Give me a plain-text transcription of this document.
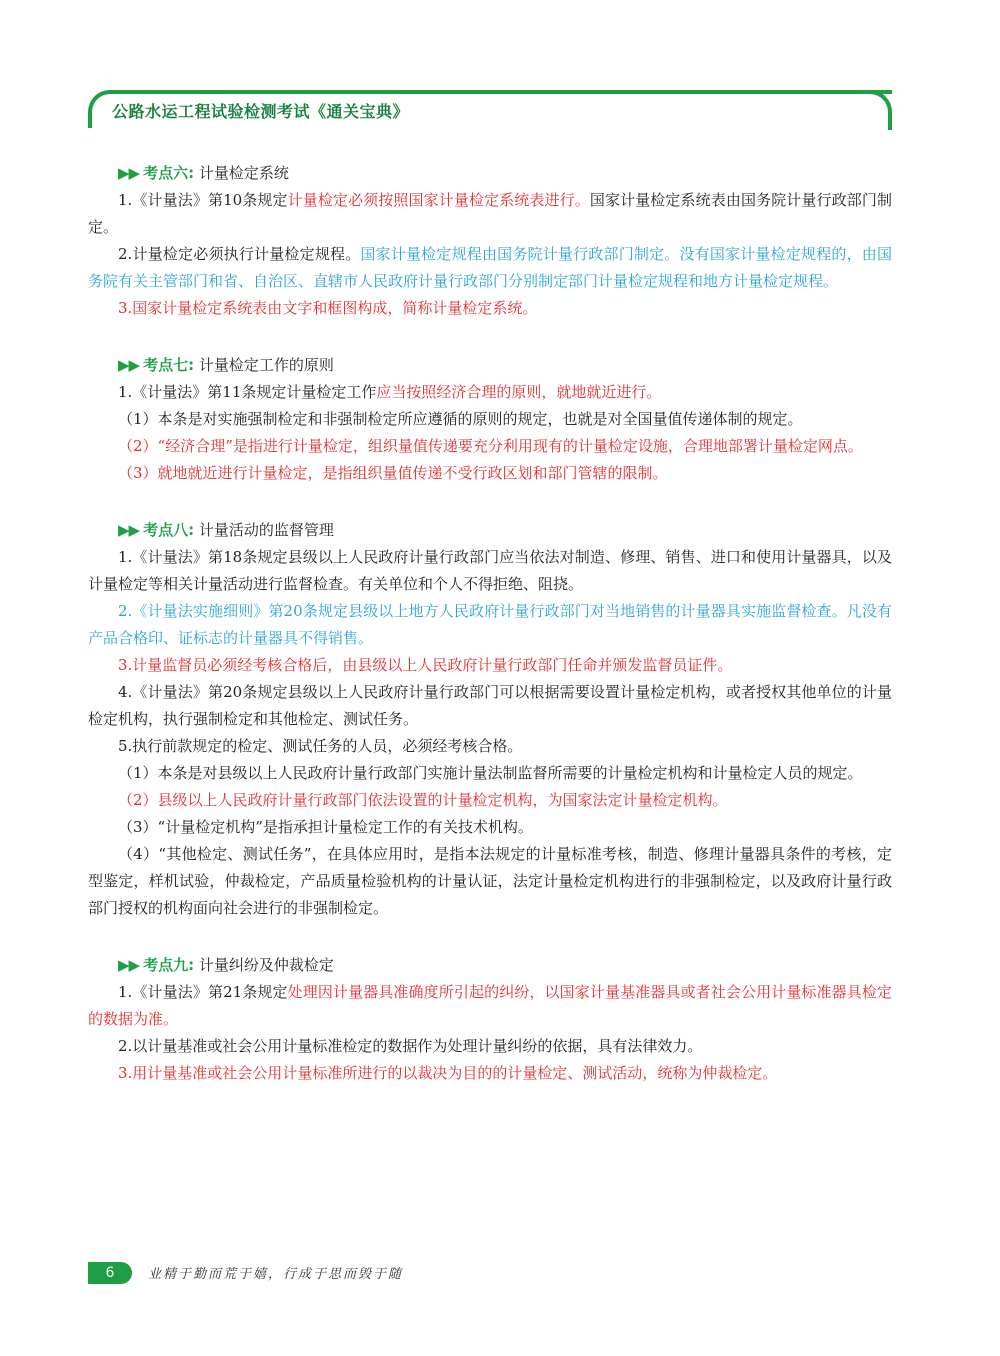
公路水运工程试验检测考试《通关宝典》
▶▶ 考点六: 计量检定系统

1.《计量法》第10条规定计量检定必须按照国家计量检定系统表进行。国家计量检定系统表由国务院计量行政部门制定。

2.计量检定必须执行计量检定规程。国家计量检定规程由国务院计量行政部门制定。没有国家计量检定规程的，由国务院有关主管部门和省、自治区、直辖市人民政府计量行政部门分别制定部门计量检定规程和地方计量检定规程。

3.国家计量检定系统表由文字和框图构成，简称计量检定系统。

▶▶ 考点七: 计量检定工作的原则

1.《计量法》第11条规定计量检定工作应当按照经济合理的原则，就地就近进行。

（1）本条是对实施强制检定和非强制检定所应遵循的原则的规定，也就是对全国量值传递体制的规定。

（2）“经济合理”是指进行计量检定，组织量值传递要充分利用现有的计量检定设施，合理地部署计量检定网点。

（3）就地就近进行计量检定，是指组织量值传递不受行政区划和部门管辖的限制。

▶▶ 考点八: 计量活动的监督管理

1.《计量法》第18条规定县级以上人民政府计量行政部门应当依法对制造、修理、销售、进口和使用计量器具，以及计量检定等相关计量活动进行监督检查。有关单位和个人不得拒绝、阻挠。

2.《计量法实施细则》第20条规定县级以上地方人民政府计量行政部门对当地销售的计量器具实施监督检查。凡没有产品合格印、证标志的计量器具不得销售。

3.计量监督员必须经考核合格后，由县级以上人民政府计量行政部门任命并颁发监督员证件。

4.《计量法》第20条规定县级以上人民政府计量行政部门可以根据需要设置计量检定机构，或者授权其他单位的计量检定机构，执行强制检定和其他检定、测试任务。

5.执行前款规定的检定、测试任务的人员，必须经考核合格。

（1）本条是对县级以上人民政府计量行政部门实施计量法制监督所需要的计量检定机构和计量检定人员的规定。

（2）县级以上人民政府计量行政部门依法设置的计量检定机构，为国家法定计量检定机构。

（3）“计量检定机构”是指承担计量检定工作的有关技术机构。

（4）“其他检定、测试任务”，在具体应用时，是指本法规定的计量标准考核，制造、修理计量器具条件的考核，定型鉴定，样机试验，仲裁检定，产品质量检验机构的计量认证，法定计量检定机构进行的非强制检定，以及政府计量行政部门授权的机构面向社会进行的非强制检定。

▶▶ 考点九: 计量纠纷及仲裁检定

1.《计量法》第21条规定处理因计量器具准确度所引起的纠纷，以国家计量基准器具或者社会公用计量标准器具检定的数据为准。

2.以计量基准或社会公用计量标准检定的数据作为处理计量纠纷的依据，具有法律效力。

3.用计量基准或社会公用计量标准所进行的以裁决为目的的计量检定、测试活动，统称为仲裁检定。

6	业精于勤而荒于嬉，行成于思而毁于随
